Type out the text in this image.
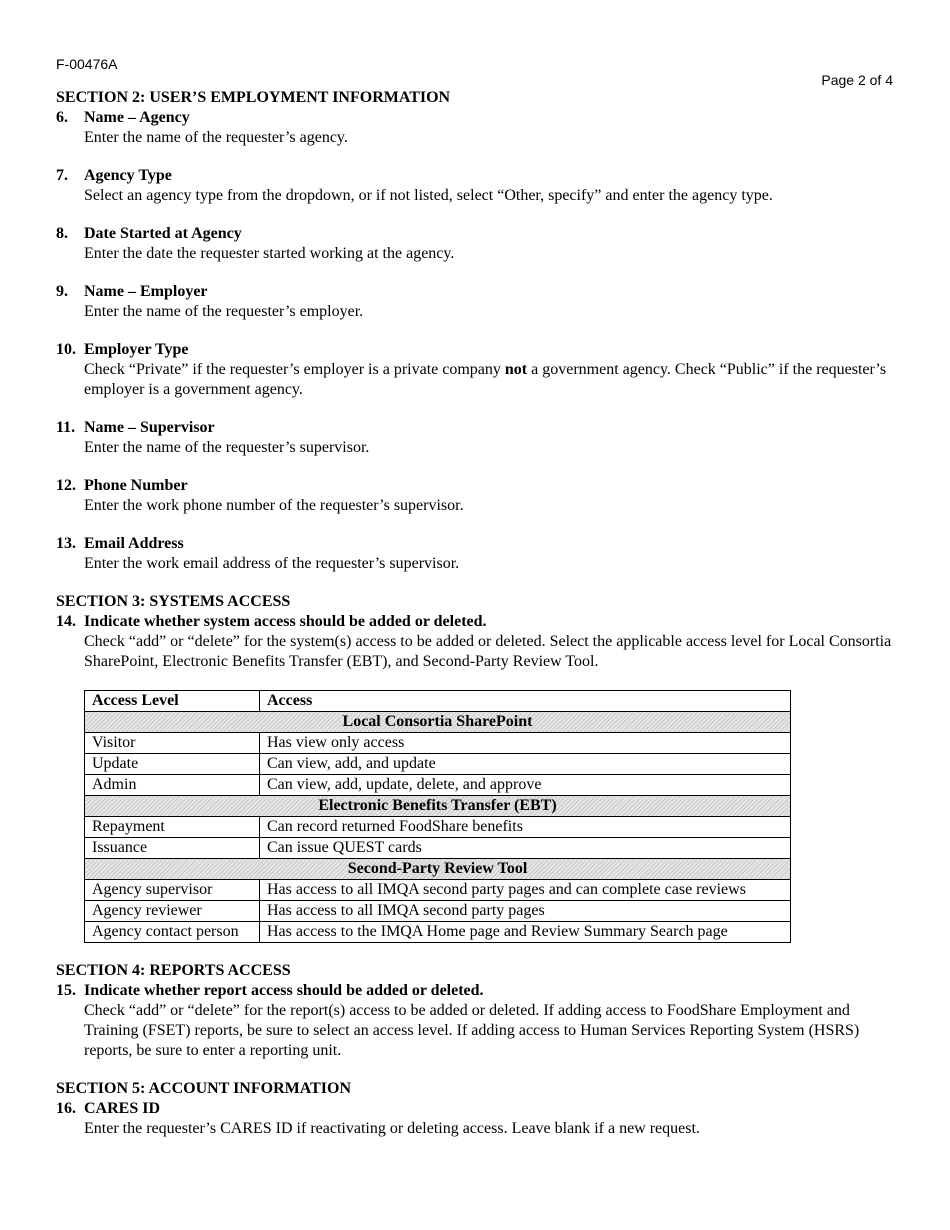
F-00476A
Page 2 of 4
SECTION 2: USER’S EMPLOYMENT INFORMATION
6. Name – Agency
Enter the name of the requester’s agency.
7. Agency Type
Select an agency type from the dropdown, or if not listed, select “Other, specify” and enter the agency type.
8. Date Started at Agency
Enter the date the requester started working at the agency.
9. Name – Employer
Enter the name of the requester’s employer.
10. Employer Type
Check “Private” if the requester’s employer is a private company not a government agency. Check “Public” if the requester’s employer is a government agency.
11. Name – Supervisor
Enter the name of the requester’s supervisor.
12. Phone Number
Enter the work phone number of the requester’s supervisor.
13. Email Address
Enter the work email address of the requester’s supervisor.
SECTION 3: SYSTEMS ACCESS
14. Indicate whether system access should be added or deleted.
Check “add” or “delete” for the system(s) access to be added or deleted. Select the applicable access level for Local Consortia SharePoint, Electronic Benefits Transfer (EBT), and Second-Party Review Tool.
Access Level	Access
Local Consortia SharePoint	
Visitor	Has view only access
Update	Can view, add, and update
Admin	Can view, add, update, delete, and approve
Electronic Benefits Transfer (EBT)	
Repayment	Can record returned FoodShare benefits
Issuance	Can issue QUEST cards
Second-Party Review Tool	
Agency supervisor	Has access to all IMQA second party pages and can complete case reviews
Agency reviewer	Has access to all IMQA second party pages
Agency contact person	Has access to the IMQA Home page and Review Summary Search page
SECTION 4: REPORTS ACCESS
15. Indicate whether report access should be added or deleted.
Check “add” or “delete” for the report(s) access to be added or deleted. If adding access to FoodShare Employment and Training (FSET) reports, be sure to select an access level. If adding access to Human Services Reporting System (HSRS) reports, be sure to enter a reporting unit.
SECTION 5: ACCOUNT INFORMATION
16. CARES ID
Enter the requester’s CARES ID if reactivating or deleting access. Leave blank if a new request.
